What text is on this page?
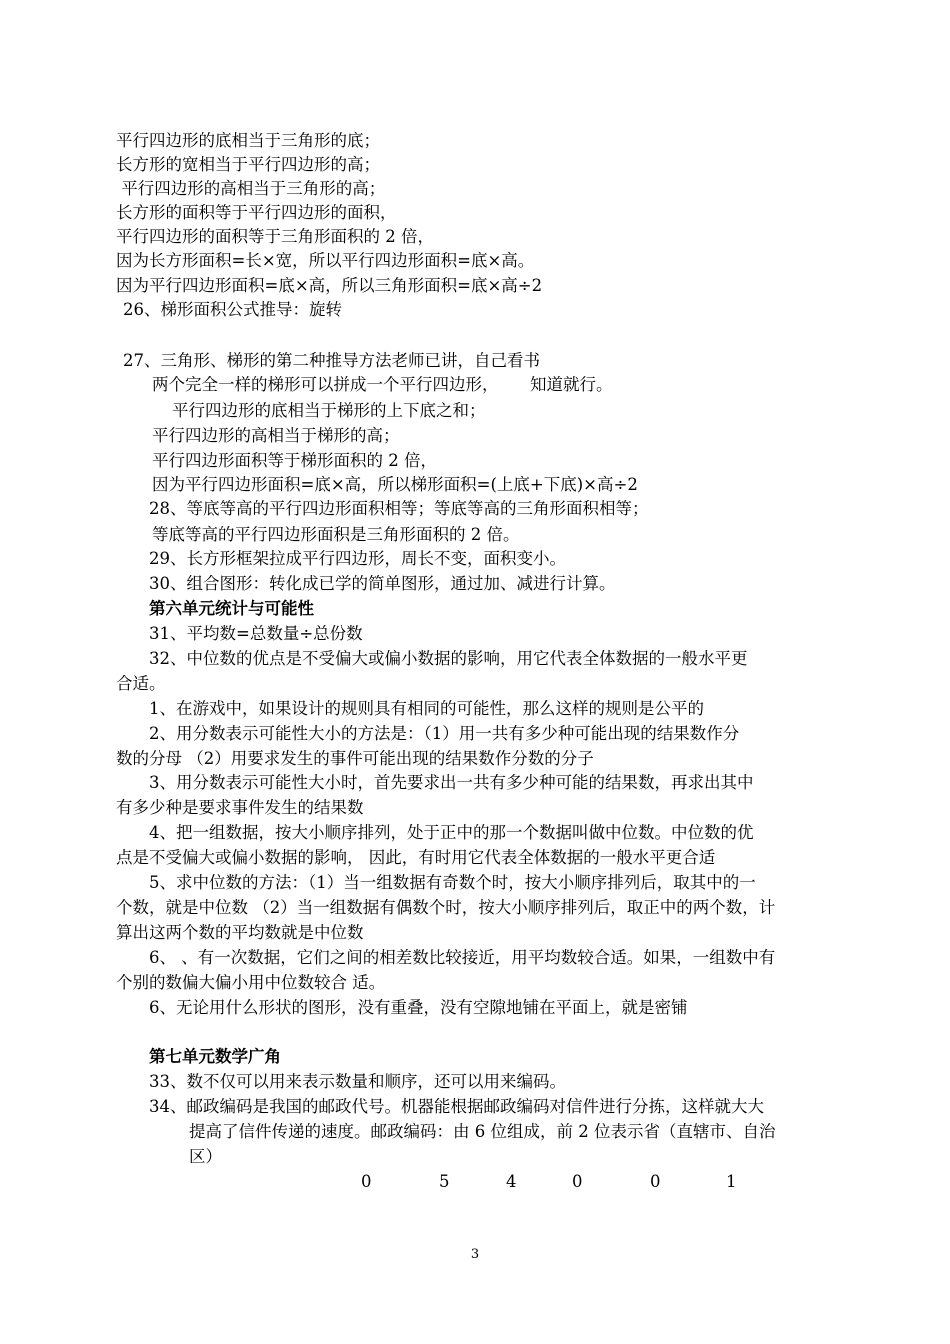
平行四边形的底相当于三角形的底；
长方形的宽相当于平行四边形的高；
平行四边形的高相当于三角形的高；
长方形的面积等于平行四边形的面积，
平行四边形的面积等于三角形面积的 2 倍，
因为长方形面积=长×宽，所以平行四边形面积=底×高。
因为平行四边形面积=底×高，所以三角形面积=底×高÷2
26、梯形面积公式推导：旋转
27、三角形、梯形的第二种推导方法老师已讲，自己看书
两个完全一样的梯形可以拼成一个平行四边形，      知道就行。
平行四边形的底相当于梯形的上下底之和；
平行四边形的高相当于梯形的高；
平行四边形面积等于梯形面积的 2 倍，
因为平行四边形面积=底×高，所以梯形面积=(上底+下底)×高÷2
28、等底等高的平行四边形面积相等；等底等高的三角形面积相等；
等底等高的平行四边形面积是三角形面积的 2 倍。
29、长方形框架拉成平行四边形，周长不变，面积变小。
30、组合图形：转化成已学的简单图形，通过加、减进行计算。
第六单元统计与可能性
31、平均数=总数量÷总份数
32、中位数的优点是不受偏大或偏小数据的影响，用它代表全体数据的一般水平更
合适。
1、在游戏中，如果设计的规则具有相同的可能性，那么这样的规则是公平的
2、用分数表示可能性大小的方法是：（1）用一共有多少种可能出现的结果数作分
数的分母 （2）用要求发生的事件可能出现的结果数作分数的分子
3、用分数表示可能性大小时，首先要求出一共有多少种可能的结果数，再求出其中
有多少种是要求事件发生的结果数
4、把一组数据，按大小顺序排列，处于正中的那一个数据叫做中位数。中位数的优
点是不受偏大或偏小数据的影响， 因此，有时用它代表全体数据的一般水平更合适
5、求中位数的方法：（1）当一组数据有奇数个时，按大小顺序排列后，取其中的一
个数，就是中位数 （2）当一组数据有偶数个时，按大小顺序排列后，取正中的两个数，计
算出这两个数的平均数就是中位数
6、 、有一次数据，它们之间的相差数比较接近，用平均数较合适。如果，一组数中有
个别的数偏大偏小用中位数较合 适。
6、无论用什么形状的图形，没有重叠，没有空隙地铺在平面上，就是密铺
第七单元数学广角
33、数不仅可以用来表示数量和顺序，还可以用来编码。
34、邮政编码是我国的邮政代号。机器能根据邮政编码对信件进行分拣，这样就大大
提高了信件传递的速度。邮政编码：由 6 位组成，前 2 位表示省（直辖市、自治
区）
0	5	4	0	0	1
3
